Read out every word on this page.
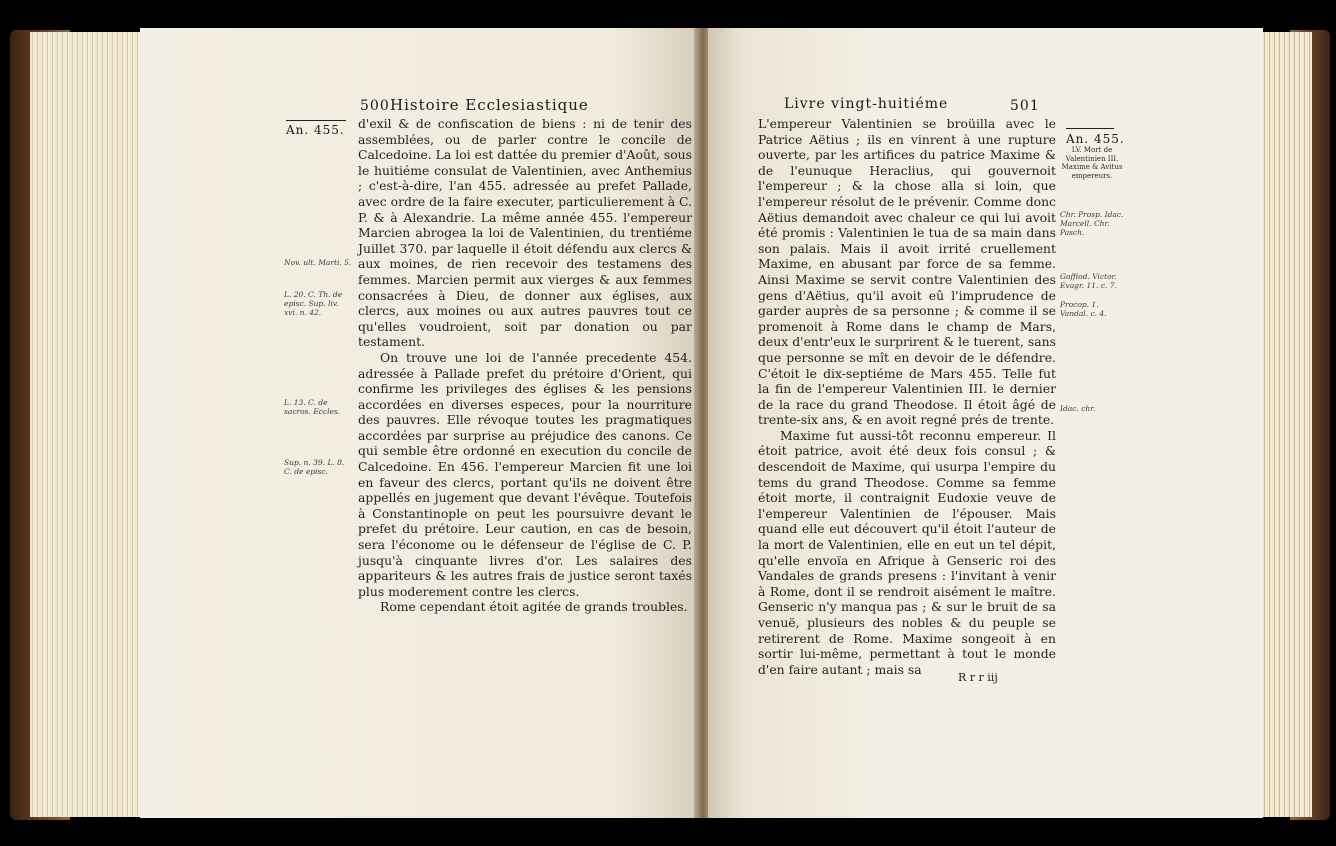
500 Histoire Ecclesiastique
An. 455.
Nov. ult. Marti. 5.
L. 20. C. Th. de episc. Sup. liv. xvi. n. 42.
L. 13. C. de sacros. Eccles.
Sup. n. 39. L. 8. C. de episc.

d'exil & de confiscation de biens : ni de tenir des assemblées, ou de parler contre le concile de Calcedoine. La loi est dattée du premier d'Août, sous le huitiéme consulat de Valentinien, avec Anthemius ; c'est-à-dire, l'an 455. adressée au prefet Pallade, avec ordre de la faire executer, particulierement à C. P. & à Alexandrie. La même année 455. l'empereur Marcien abrogea la loi de Valentinien, du trentiéme Juillet 370. par laquelle il étoit défendu aux clercs & aux moines, de rien recevoir des testamens des femmes. Marcien permit aux vierges & aux femmes consacrées à Dieu, de donner aux églises, aux clercs, aux moines ou aux autres pauvres tout ce qu'elles voudroient, soit par donation ou par testament.

On trouve une loi de l'année precedente 454. adressée à Pallade prefet du prétoire d'Orient, qui confirme les privileges des églises & les pensions accordées en diverses especes, pour la nourriture des pauvres. Elle révoque toutes les pragmatiques accordées par surprise au préjudice des canons. Ce qui semble être ordonné en execution du concile de Calcedoine. En 456. l'empereur Marcien fit une loi en faveur des clercs, portant qu'ils ne doivent être appellés en jugement que devant l'évêque. Toutefois à Constantinople on peut les poursuivre devant le prefet du prétoire. Leur caution, en cas de besoin, sera l'économe ou le défenseur de l'église de C. P. jusqu'à cinquante livres d'or. Les salaires des appariteurs & les autres frais de justice seront taxés plus moderement contre les clercs.

Rome cependant étoit agitée de grands troubles.

Livre vingt-huitiéme	501

L'empereur Valentinien se broüilla avec le Patrice Aëtius ; ils en vinrent à une rupture ouverte, par les artifices du patrice Maxime & de l'eunuque Heraclius, qui gouvernoit l'empereur ; & la chose alla si loin, que l'empereur résolut de le prévenir. Comme donc Aëtius demandoit avec chaleur ce qui lui avoit été promis : Valentinien le tua de sa main dans son palais. Mais il avoit irrité cruellement Maxime, en abusant par force de sa femme. Ainsi Maxime se servit contre Valentinien des gens d'Aëtius, qu'il avoit eû l'imprudence de garder auprès de sa personne ; & comme il se promenoit à Rome dans le champ de Mars, deux d'entr'eux le surprirent & le tuerent, sans que personne se mît en devoir de le défendre. C'étoit le dix-septiéme de Mars 455. Telle fut la fin de l'empereur Valentinien III. le dernier de la race du grand Theodose. Il étoit âgé de trente-six ans, & en avoit regné prés de trente.

Maxime fut aussi-tôt reconnu empereur. Il étoit patrice, avoit été deux fois consul ; & descendoit de Maxime, qui usurpa l'empire du tems du grand Theodose. Comme sa femme étoit morte, il contraignit Eudoxie veuve de l'empereur Valentinien de l'épouser. Mais quand elle eut découvert qu'il étoit l'auteur de la mort de Valentinien, elle en eut un tel dépit, qu'elle envoïa en Afrique à Genseric roi des Vandales de grands presens : l'invitant à venir à Rome, dont il se rendroit aisément le maître. Genseric n'y manqua pas ; & sur le bruit de sa venuë, plusieurs des nobles & du peuple se retirerent de Rome. Maxime songeoit à en sortir lui-même, permettant à tout le monde d'en faire autant ; mais sa

R r r iij
An. 455.
LV. Mort de Valentinien III. Maxime & Avitus empereurs.
Chr. Prosp. Idac. Marcell. Chr. Pasch.
Gaffiod. Victor. Evagr. 11. c. 7.
Procop. 1. Vandal. c. 4.
Idac. chr.
